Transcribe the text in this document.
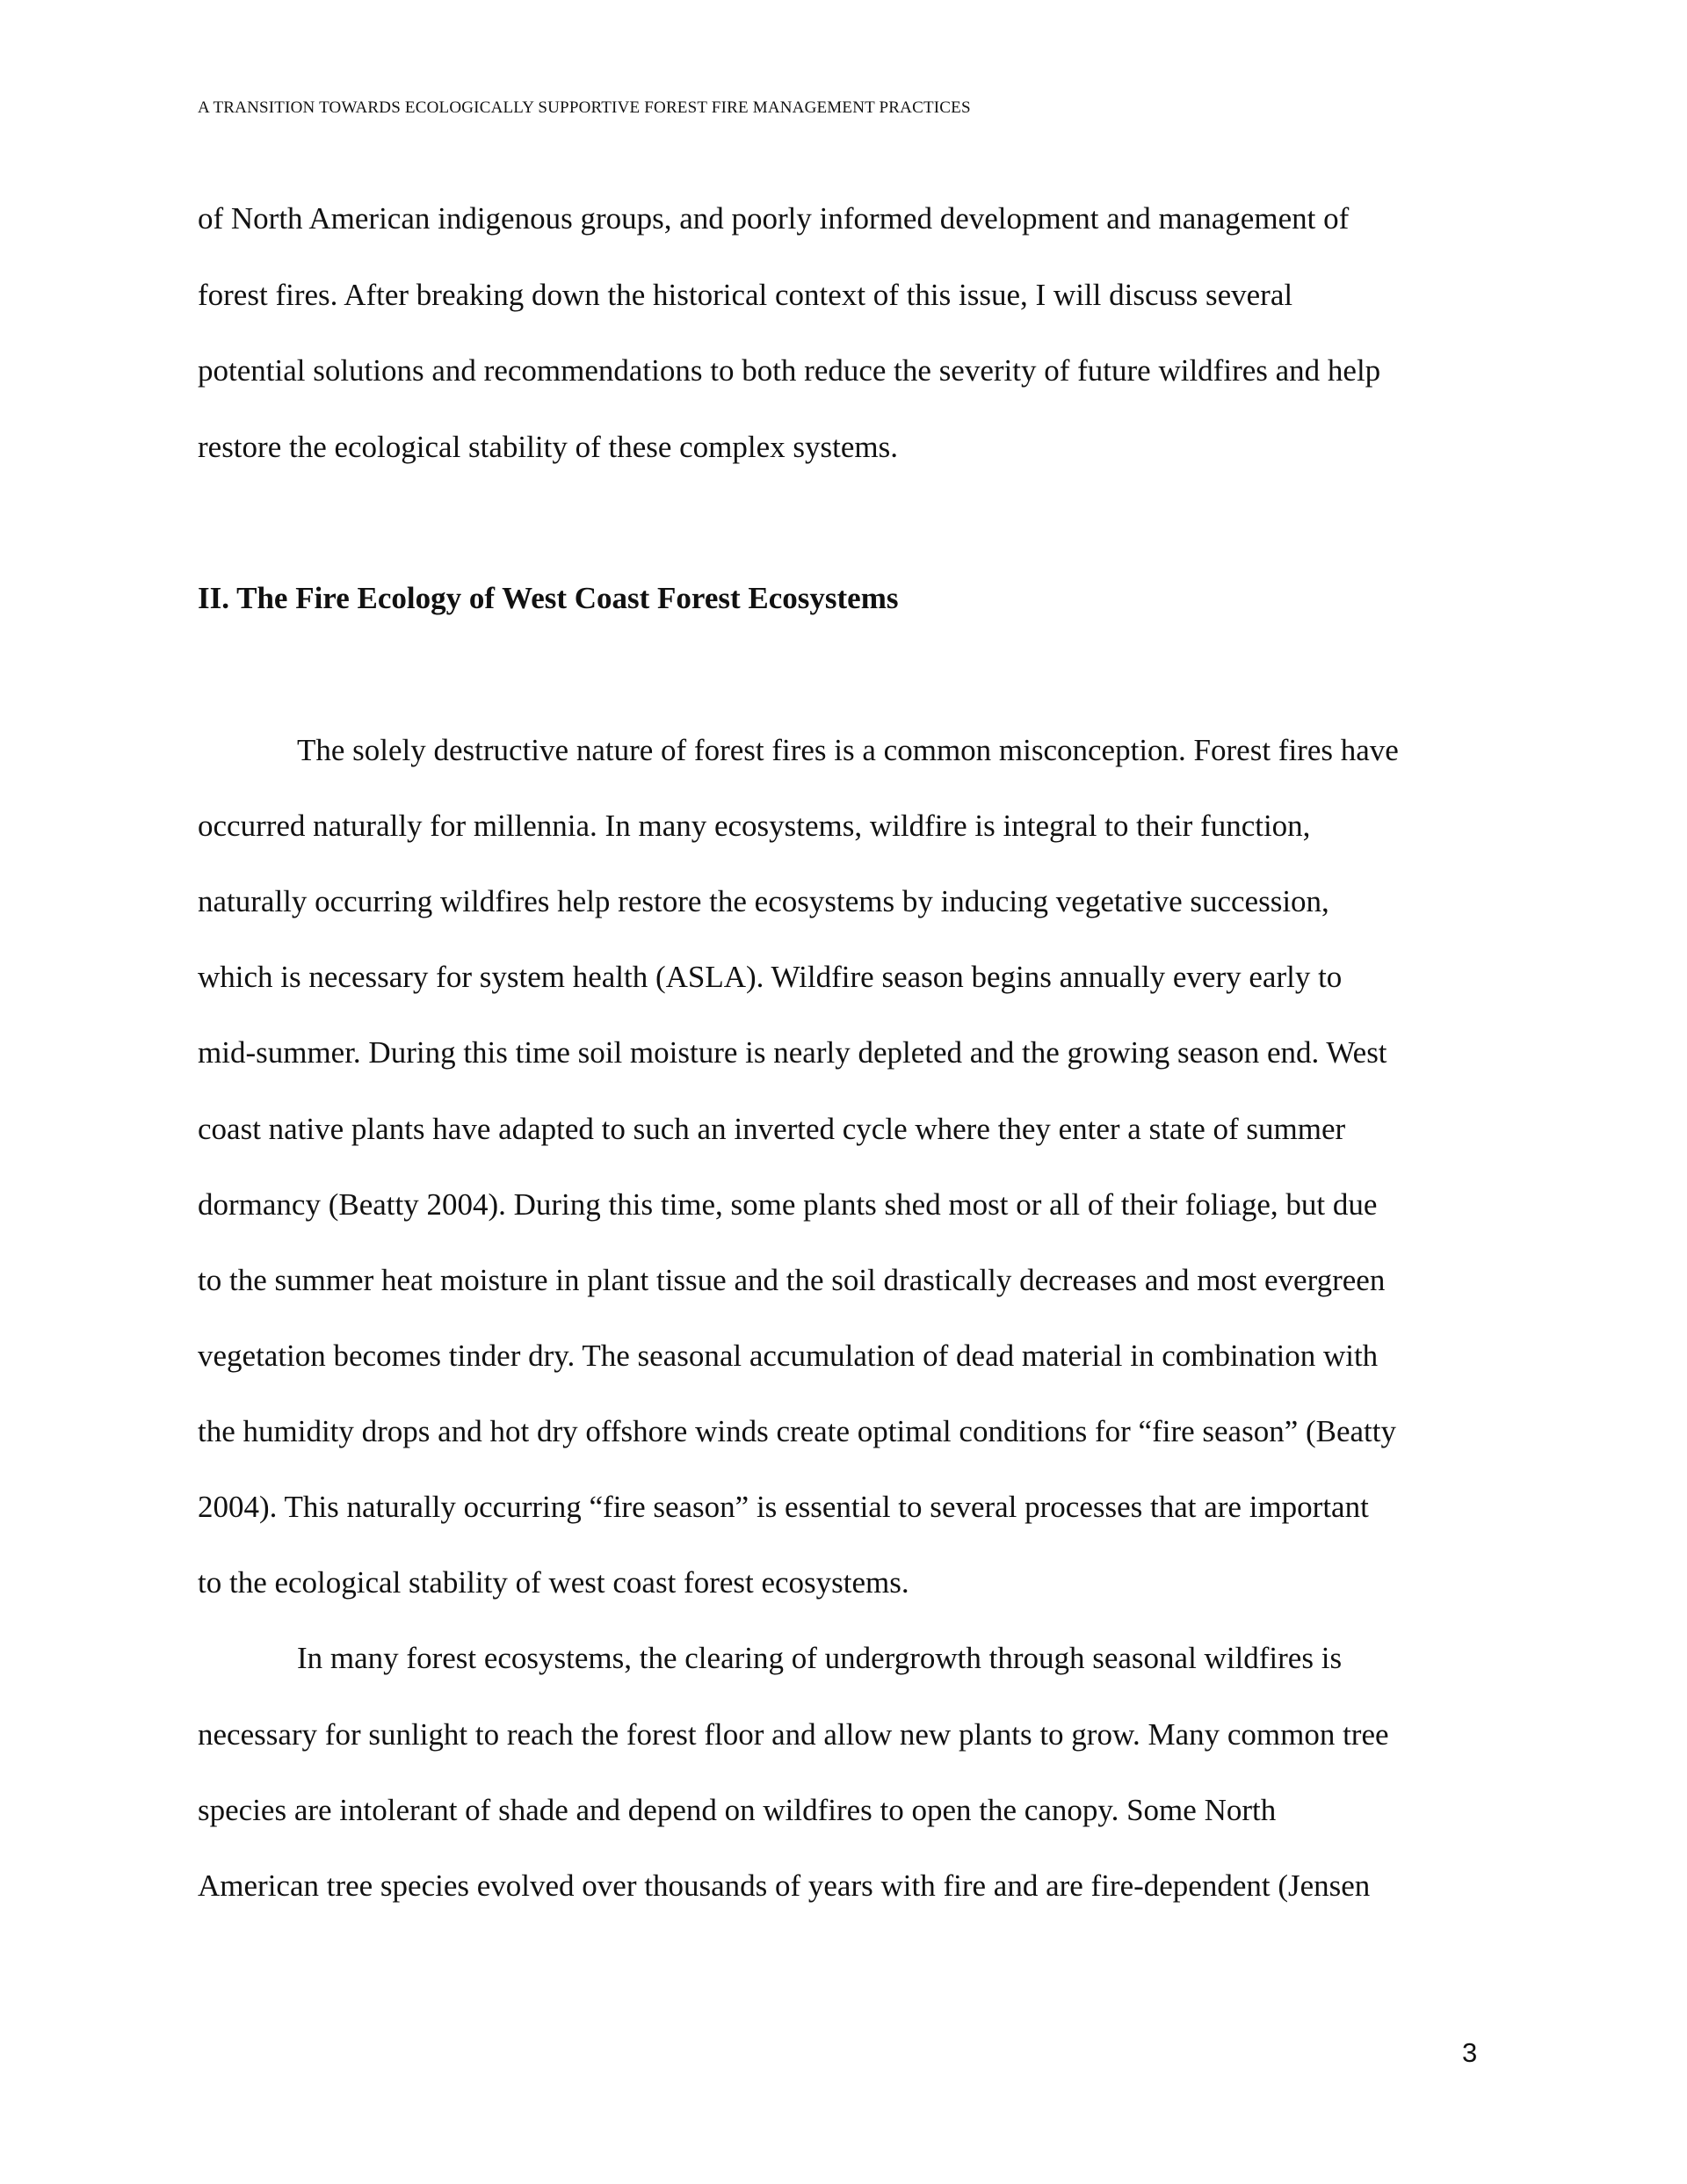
A TRANSITION TOWARDS ECOLOGICALLY SUPPORTIVE FOREST FIRE MANAGEMENT PRACTICES
of North American indigenous groups, and poorly informed development and management of
forest fires. After breaking down the historical context of this issue, I will discuss several
potential solutions and recommendations to both reduce the severity of future wildfires and help
restore the ecological stability of these complex systems.
II. The Fire Ecology of West Coast Forest Ecosystems
The solely destructive nature of forest fires is a common misconception. Forest fires have
occurred naturally for millennia. In many ecosystems, wildfire is integral to their function,
naturally occurring wildfires help restore the ecosystems by inducing vegetative succession,
which is necessary for system health (ASLA). Wildfire season begins annually every early to
mid-summer. During this time soil moisture is nearly depleted and the growing season end. West
coast native plants have adapted to such an inverted cycle where they enter a state of summer
dormancy (Beatty 2004). During this time, some plants shed most or all of their foliage, but due
to the summer heat moisture in plant tissue and the soil drastically decreases and most evergreen
vegetation becomes tinder dry. The seasonal accumulation of dead material in combination with
the humidity drops and hot dry offshore winds create optimal conditions for “fire season” (Beatty
2004). This naturally occurring “fire season” is essential to several processes that are important
to the ecological stability of west coast forest ecosystems.
In many forest ecosystems, the clearing of undergrowth through seasonal wildfires is
necessary for sunlight to reach the forest floor and allow new plants to grow. Many common tree
species are intolerant of shade and depend on wildfires to open the canopy. Some North
American tree species evolved over thousands of years with fire and are fire-dependent (Jensen
3
